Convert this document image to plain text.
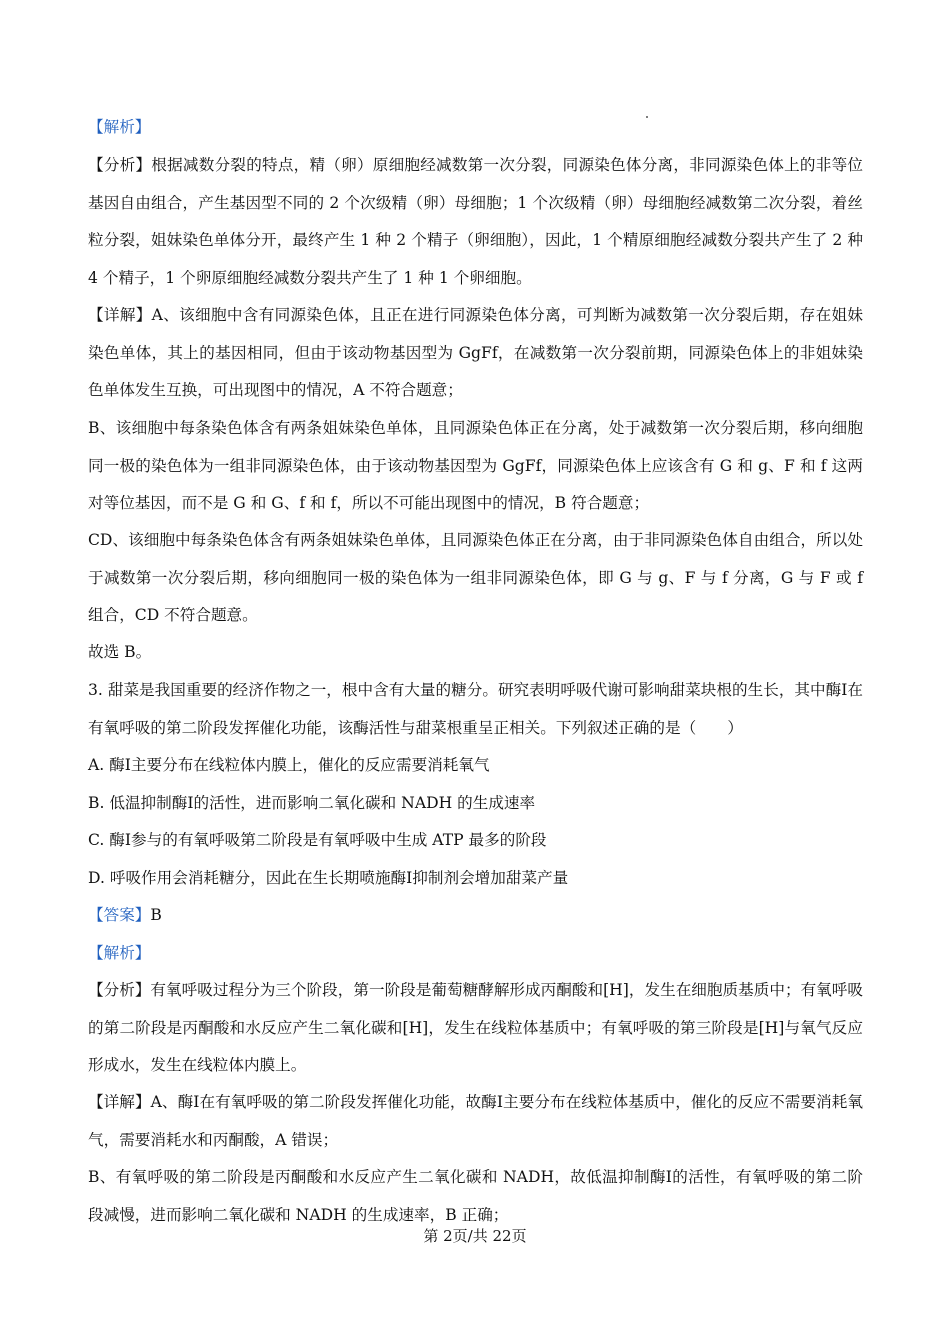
【解析】

【分析】根据减数分裂的特点，精（卵）原细胞经减数第一次分裂，同源染色体分离，非同源染色体上的非等位基因自由组合，产生基因型不同的 2 个次级精（卵）母细胞；1 个次级精（卵）母细胞经减数第二次分裂，着丝粒分裂，姐妹染色单体分开，最终产生 1 种 2 个精子（卵细胞），因此，1 个精原细胞经减数分裂共产生了 2 种 4 个精子，1 个卵原细胞经减数分裂共产生了 1 种 1 个卵细胞。

【详解】A、该细胞中含有同源染色体，且正在进行同源染色体分离，可判断为减数第一次分裂后期，存在姐妹染色单体，其上的基因相同，但由于该动物基因型为 GgFf，在减数第一次分裂前期，同源染色体上的非姐妹染色单体发生互换，可出现图中的情况，A 不符合题意；

B、该细胞中每条染色体含有两条姐妹染色单体，且同源染色体正在分离，处于减数第一次分裂后期，移向细胞同一极的染色体为一组非同源染色体，由于该动物基因型为 GgFf，同源染色体上应该含有 G 和 g、F 和 f 这两对等位基因，而不是 G 和 G、f 和 f，所以不可能出现图中的情况，B 符合题意；

CD、该细胞中每条染色体含有两条姐妹染色单体，且同源染色体正在分离，由于非同源染色体自由组合，所以处于减数第一次分裂后期，移向细胞同一极的染色体为一组非同源染色体，即 G 与 g、F 与 f 分离，G 与 F 或 f 组合，CD 不符合题意。

故选 B。

3. 甜菜是我国重要的经济作物之一，根中含有大量的糖分。研究表明呼吸代谢可影响甜菜块根的生长，其中酶Ⅰ在有氧呼吸的第二阶段发挥催化功能，该酶活性与甜菜根重呈正相关。下列叙述正确的是（　　）

A. 酶Ⅰ主要分布在线粒体内膜上，催化的反应需要消耗氧气

B. 低温抑制酶Ⅰ的活性，进而影响二氧化碳和 NADH 的生成速率

C. 酶Ⅰ参与的有氧呼吸第二阶段是有氧呼吸中生成 ATP 最多的阶段

D. 呼吸作用会消耗糖分，因此在生长期喷施酶Ⅰ抑制剂会增加甜菜产量

【答案】B

【解析】

【分析】有氧呼吸过程分为三个阶段，第一阶段是葡萄糖酵解形成丙酮酸和[H]，发生在细胞质基质中；有氧呼吸的第二阶段是丙酮酸和水反应产生二氧化碳和[H]，发生在线粒体基质中；有氧呼吸的第三阶段是[H]与氧气反应形成水，发生在线粒体内膜上。

【详解】A、酶Ⅰ在有氧呼吸的第二阶段发挥催化功能，故酶Ⅰ主要分布在线粒体基质中，催化的反应不需要消耗氧气，需要消耗水和丙酮酸，A 错误；

B、有氧呼吸的第二阶段是丙酮酸和水反应产生二氧化碳和 NADH，故低温抑制酶Ⅰ的活性，有氧呼吸的第二阶段减慢，进而影响二氧化碳和 NADH 的生成速率，B 正确；

第 2页/共 22页
